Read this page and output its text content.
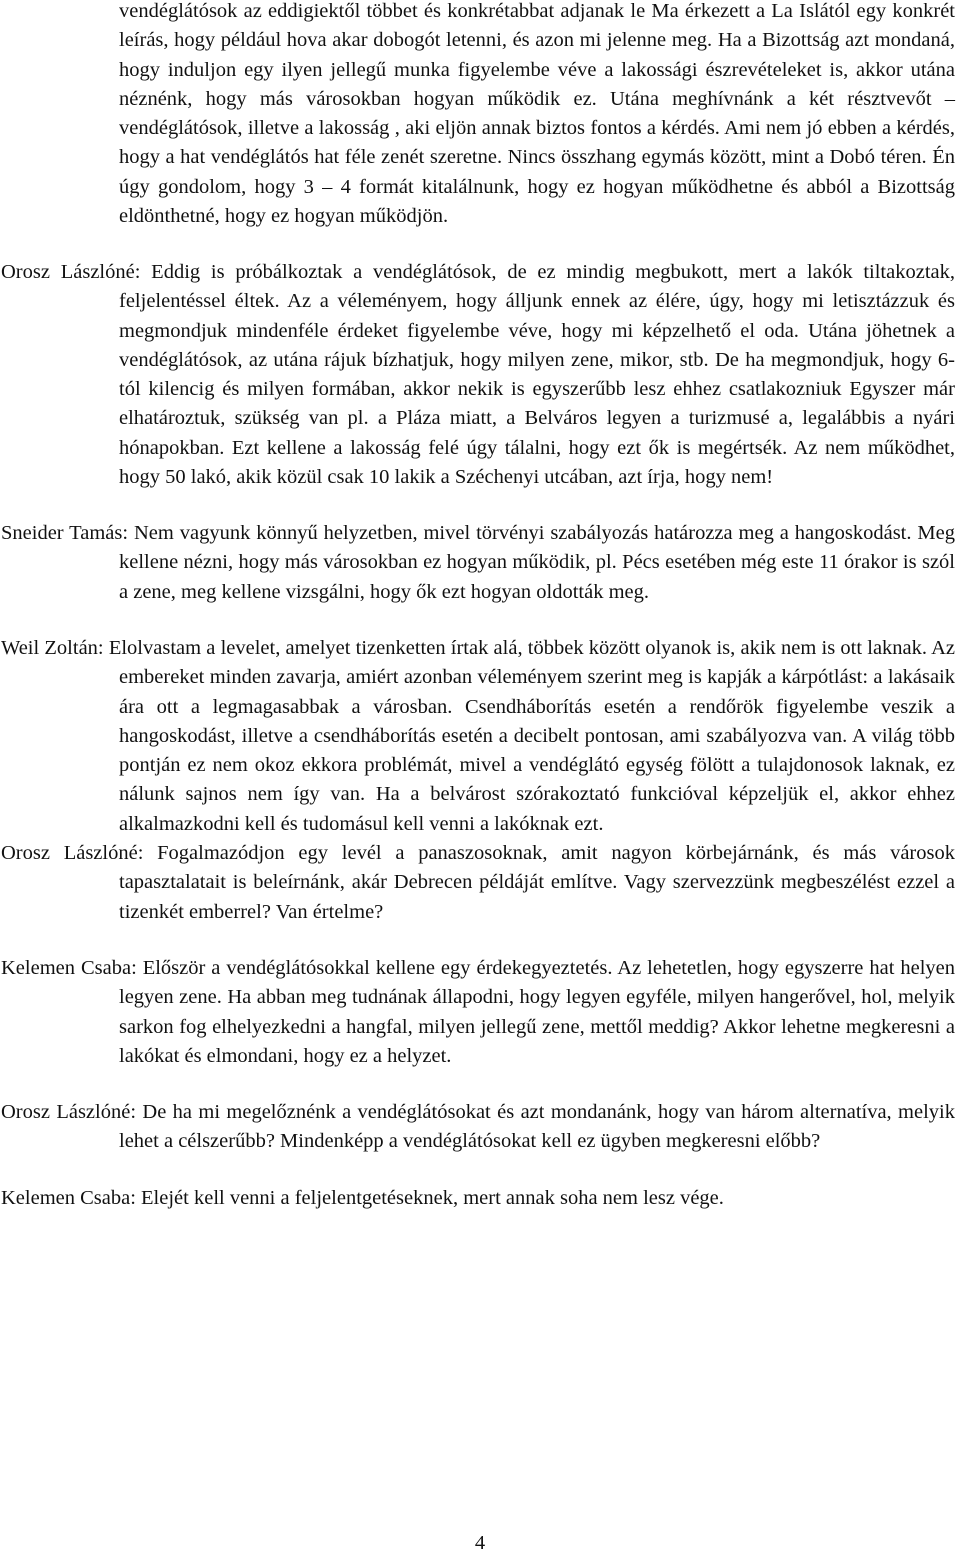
vendéglátósok az eddigiektől többet és konkrétabbat adjanak le Ma érkezett a La Islától egy konkrét leírás, hogy például hova akar dobogót letenni, és azon mi jelenne meg. Ha a Bizottság azt mondaná, hogy induljon egy ilyen jellegű munka figyelembe véve a lakossági észrevételeket is, akkor utána néznénk, hogy más városokban hogyan működik ez. Utána meghívnánk a két résztvevőt – vendéglátósok, illetve a lakosság , aki eljön annak biztos fontos a kérdés. Ami nem jó ebben a kérdés, hogy a hat vendéglátós hat féle zenét szeretne. Nincs összhang egymás között, mint a Dobó téren. Én úgy gondolom, hogy 3 – 4 formát kitalálnunk, hogy ez hogyan működhetne és abból a Bizottság eldönthetné, hogy ez hogyan működjön.

Orosz Lászlóné: Eddig is próbálkoztak a vendéglátósok, de ez mindig megbukott, mert a lakók tiltakoztak, feljelentéssel éltek. Az a véleményem, hogy álljunk ennek az élére, úgy, hogy mi letisztázzuk és megmondjuk mindenféle érdeket figyelembe véve, hogy mi képzelhető el oda. Utána jöhetnek a vendéglátósok, az utána rájuk bízhatjuk, hogy milyen zene, mikor, stb. De ha megmondjuk, hogy 6-tól kilencig és milyen formában, akkor nekik is egyszerűbb lesz ehhez csatlakozniuk Egyszer már elhatároztuk, szükség van pl. a Pláza miatt, a Belváros legyen a turizmusé a, legalábbis a nyári hónapokban. Ezt kellene a lakosság felé úgy tálalni, hogy ezt ők is megértsék. Az nem működhet, hogy 50 lakó, akik közül csak 10 lakik a Széchenyi utcában, azt írja, hogy nem!

Sneider Tamás: Nem vagyunk könnyű helyzetben, mivel törvényi szabályozás határozza meg a hangoskodást. Meg kellene nézni, hogy más városokban ez hogyan működik, pl. Pécs esetében még este 11 órakor is szól a zene, meg kellene vizsgálni, hogy ők ezt hogyan oldották meg.

Weil Zoltán: Elolvastam a levelet, amelyet tizenketten írtak alá, többek között olyanok is, akik nem is ott laknak. Az embereket minden zavarja, amiért azonban véleményem szerint meg is kapják a kárpótlást: a lakásaik ára ott a legmagasabbak a városban. Csendháborítás esetén a rendőrök figyelembe veszik a hangoskodást, illetve a csendháborítás esetén a decibelt pontosan, ami szabályozva van. A világ több pontján ez nem okoz ekkora problémát, mivel a vendéglátó egység fölött a tulajdonosok laknak, ez nálunk sajnos nem így van. Ha a belvárost szórakoztató funkcióval képzeljük el, akkor ehhez alkalmazkodni kell és tudomásul kell venni a lakóknak ezt.

Orosz Lászlóné: Fogalmazódjon egy levél a panaszosoknak, amit nagyon körbejárnánk, és más városok tapasztalatait is beleírnánk, akár Debrecen példáját említve. Vagy szervezzünk megbeszélést ezzel a tizenkét emberrel? Van értelme?

Kelemen Csaba: Először a vendéglátósokkal kellene egy érdekegyeztetés. Az lehetetlen, hogy egyszerre hat helyen legyen zene. Ha abban meg tudnának állapodni, hogy legyen egyféle, milyen hangerővel, hol, melyik sarkon fog elhelyezkedni a hangfal, milyen jellegű zene, mettől meddig? Akkor lehetne megkeresni a lakókat és elmondani, hogy ez a helyzet.

Orosz Lászlóné: De ha mi megelőznénk a vendéglátósokat és azt mondanánk, hogy van három alternatíva, melyik lehet a célszerűbb? Mindenképp a vendéglátósokat kell ez ügyben megkeresni előbb?

Kelemen Csaba: Elejét kell venni a feljelentgetéseknek, mert annak soha nem lesz vége.

4
